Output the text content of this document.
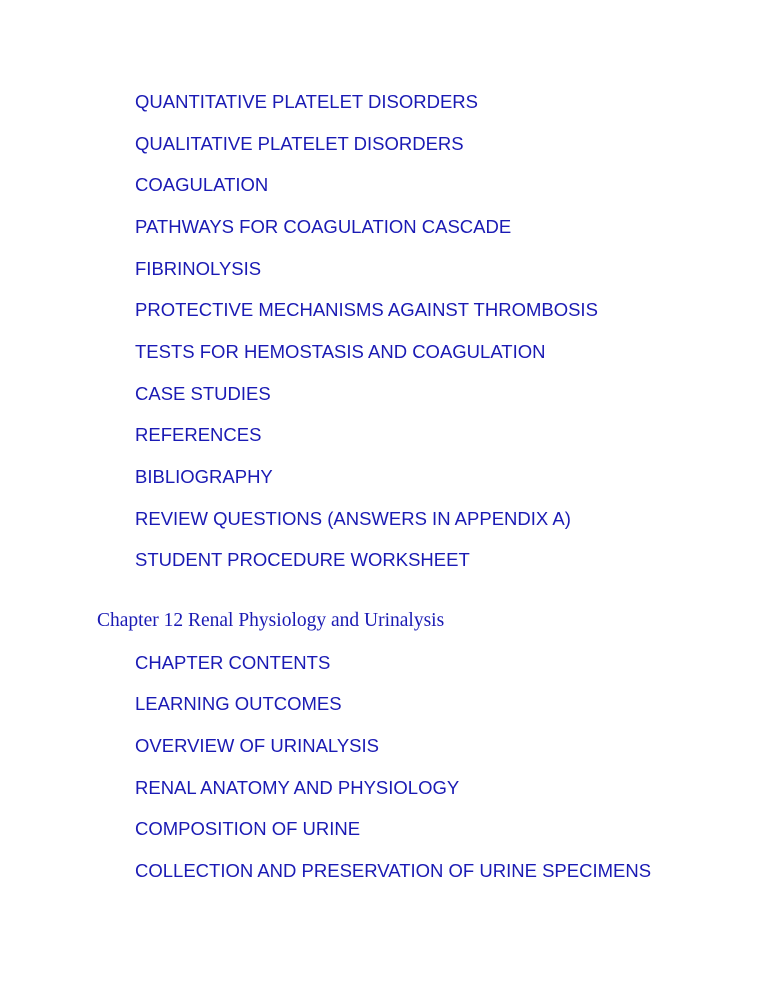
QUANTITATIVE PLATELET DISORDERS
QUALITATIVE PLATELET DISORDERS
COAGULATION
PATHWAYS FOR COAGULATION CASCADE
FIBRINOLYSIS
PROTECTIVE MECHANISMS AGAINST THROMBOSIS
TESTS FOR HEMOSTASIS AND COAGULATION
CASE STUDIES
REFERENCES
BIBLIOGRAPHY
REVIEW QUESTIONS (ANSWERS IN APPENDIX A)
STUDENT PROCEDURE WORKSHEET
Chapter 12 Renal Physiology and Urinalysis
CHAPTER CONTENTS
LEARNING OUTCOMES
OVERVIEW OF URINALYSIS
RENAL ANATOMY AND PHYSIOLOGY
COMPOSITION OF URINE
COLLECTION AND PRESERVATION OF URINE SPECIMENS
